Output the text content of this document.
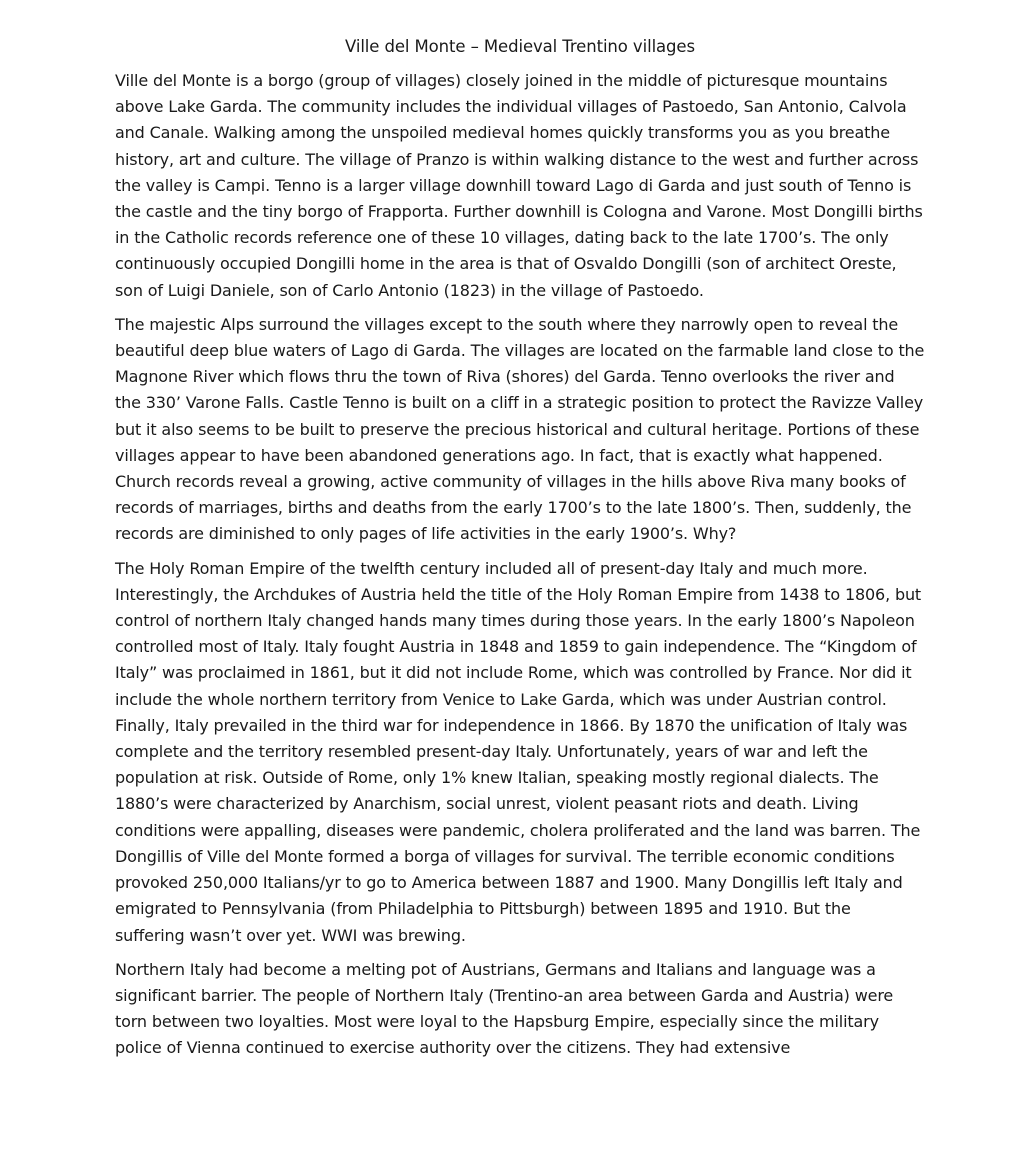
Ville del Monte – Medieval Trentino villages

Ville del Monte is a borgo (group of villages) closely joined in the middle of picturesque mountains above Lake Garda. The community includes the individual villages of Pastoedo, San Antonio, Calvola and Canale. Walking among the unspoiled medieval homes quickly transforms you as you breathe history, art and culture. The village of Pranzo is within walking distance to the west and further across the valley is Campi. Tenno is a larger village downhill toward Lago di Garda and just south of Tenno is the castle and the tiny borgo of Frapporta. Further downhill is Cologna and Varone. Most Dongilli births in the Catholic records reference one of these 10 villages, dating back to the late 1700’s. The only continuously occupied Dongilli home in the area is that of Osvaldo Dongilli (son of architect Oreste, son of Luigi Daniele, son of Carlo Antonio (1823) in the village of Pastoedo.

The majestic Alps surround the villages except to the south where they narrowly open to reveal the beautiful deep blue waters of Lago di Garda. The villages are located on the farmable land close to the Magnone River which flows thru the town of Riva (shores) del Garda. Tenno overlooks the river and the 330’ Varone Falls. Castle Tenno is built on a cliff in a strategic position to protect the Ravizze Valley but it also seems to be built to preserve the precious historical and cultural heritage. Portions of these villages appear to have been abandoned generations ago. In fact, that is exactly what happened. Church records reveal a growing, active community of villages in the hills above Riva many books of records of marriages, births and deaths from the early 1700’s to the late 1800’s. Then, suddenly, the records are diminished to only pages of life activities in the early 1900’s. Why?

The Holy Roman Empire of the twelfth century included all of present-day Italy and much more. Interestingly, the Archdukes of Austria held the title of the Holy Roman Empire from 1438 to 1806, but control of northern Italy changed hands many times during those years. In the early 1800’s Napoleon controlled most of Italy. Italy fought Austria in 1848 and 1859 to gain independence. The “Kingdom of Italy” was proclaimed in 1861, but it did not include Rome, which was controlled by France. Nor did it include the whole northern territory from Venice to Lake Garda, which was under Austrian control. Finally, Italy prevailed in the third war for independence in 1866. By 1870 the unification of Italy was complete and the territory resembled present-day Italy. Unfortunately, years of war and left the population at risk. Outside of Rome, only 1% knew Italian, speaking mostly regional dialects. The 1880’s were characterized by Anarchism, social unrest, violent peasant riots and death. Living conditions were appalling, diseases were pandemic, cholera proliferated and the land was barren. The Dongillis of Ville del Monte formed a borga of villages for survival. The terrible economic conditions provoked 250,000 Italians/yr to go to America between 1887 and 1900. Many Dongillis left Italy and emigrated to Pennsylvania (from Philadelphia to Pittsburgh) between 1895 and 1910. But the suffering wasn’t over yet. WWI was brewing.

Northern Italy had become a melting pot of Austrians, Germans and Italians and language was a significant barrier. The people of Northern Italy (Trentino-an area between Garda and Austria) were torn between two loyalties. Most were loyal to the Hapsburg Empire, especially since the military police of Vienna continued to exercise authority over the citizens. They had extensive
